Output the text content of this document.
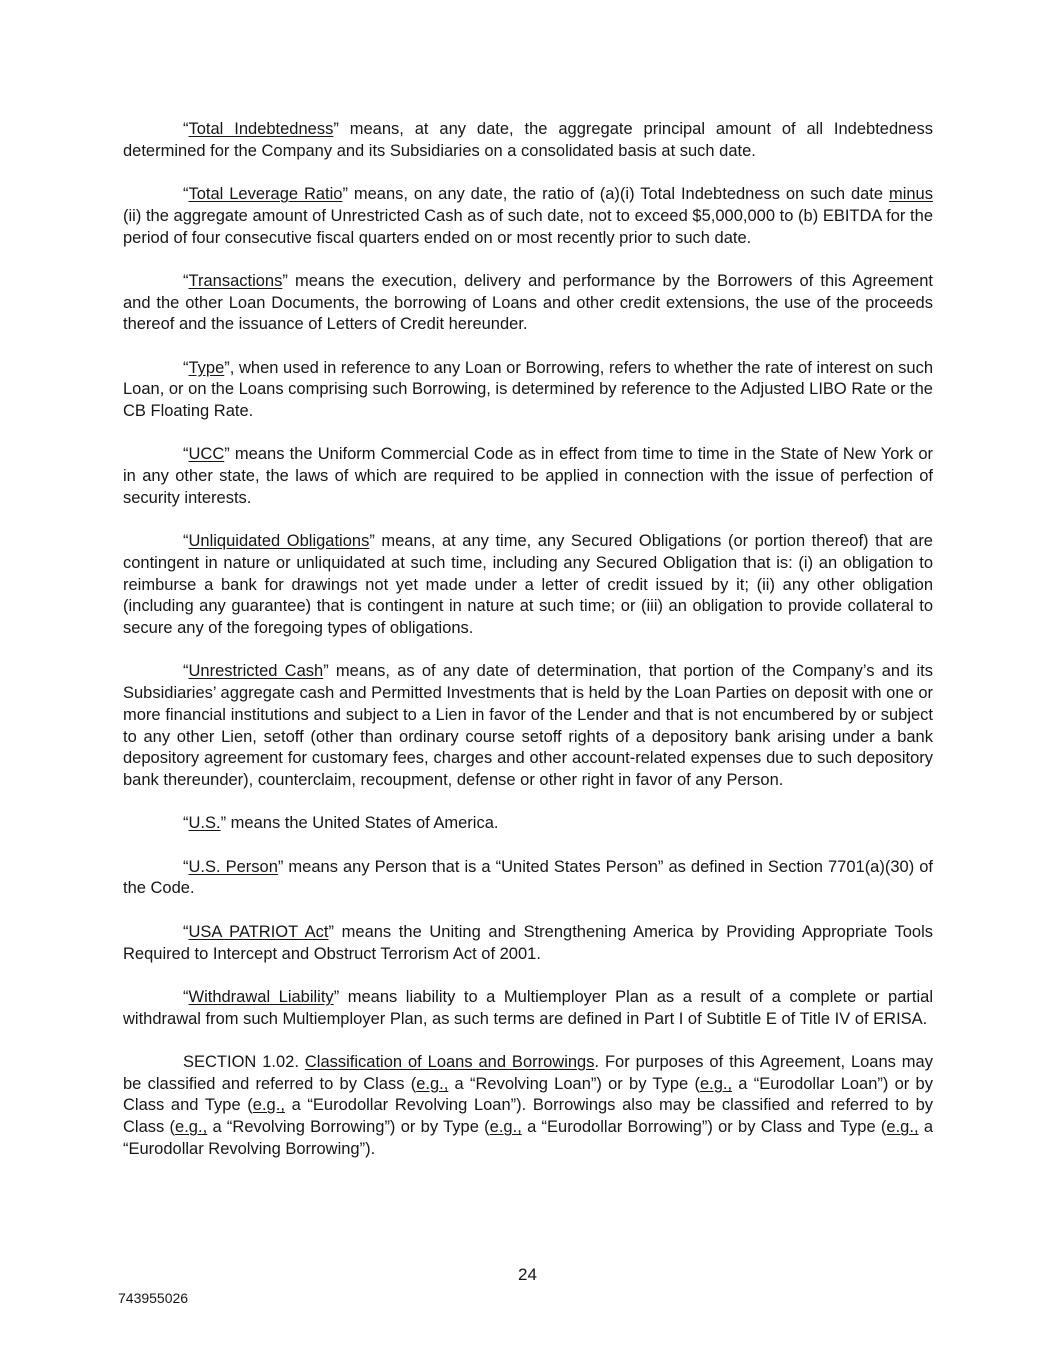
“Total Indebtedness” means, at any date, the aggregate principal amount of all Indebtedness determined for the Company and its Subsidiaries on a consolidated basis at such date.

“Total Leverage Ratio” means, on any date, the ratio of (a)(i) Total Indebtedness on such date minus (ii) the aggregate amount of Unrestricted Cash as of such date, not to exceed $5,000,000 to (b) EBITDA for the period of four consecutive fiscal quarters ended on or most recently prior to such date.

“Transactions” means the execution, delivery and performance by the Borrowers of this Agreement and the other Loan Documents, the borrowing of Loans and other credit extensions, the use of the proceeds thereof and the issuance of Letters of Credit hereunder.

“Type”, when used in reference to any Loan or Borrowing, refers to whether the rate of interest on such Loan, or on the Loans comprising such Borrowing, is determined by reference to the Adjusted LIBO Rate or the CB Floating Rate.

“UCC” means the Uniform Commercial Code as in effect from time to time in the State of New York or in any other state, the laws of which are required to be applied in connection with the issue of perfection of security interests.

“Unliquidated Obligations” means, at any time, any Secured Obligations (or portion thereof) that are contingent in nature or unliquidated at such time, including any Secured Obligation that is: (i) an obligation to reimburse a bank for drawings not yet made under a letter of credit issued by it; (ii) any other obligation (including any guarantee) that is contingent in nature at such time; or (iii) an obligation to provide collateral to secure any of the foregoing types of obligations.

“Unrestricted Cash” means, as of any date of determination, that portion of the Company’s and its Subsidiaries’ aggregate cash and Permitted Investments that is held by the Loan Parties on deposit with one or more financial institutions and subject to a Lien in favor of the Lender and that is not encumbered by or subject to any other Lien, setoff (other than ordinary course setoff rights of a depository bank arising under a bank depository agreement for customary fees, charges and other account-related expenses due to such depository bank thereunder), counterclaim, recoupment, defense or other right in favor of any Person.

“U.S.” means the United States of America.

“U.S. Person” means any Person that is a “United States Person” as defined in Section 7701(a)(30) of the Code.

“USA PATRIOT Act” means the Uniting and Strengthening America by Providing Appropriate Tools Required to Intercept and Obstruct Terrorism Act of 2001.

“Withdrawal Liability” means liability to a Multiemployer Plan as a result of a complete or partial withdrawal from such Multiemployer Plan, as such terms are defined in Part I of Subtitle E of Title IV of ERISA.

SECTION 1.02. Classification of Loans and Borrowings. For purposes of this Agreement, Loans may be classified and referred to by Class (e.g., a “Revolving Loan”) or by Type (e.g., a “Eurodollar Loan”) or by Class and Type (e.g., a “Eurodollar Revolving Loan”). Borrowings also may be classified and referred to by Class (e.g., a “Revolving Borrowing”) or by Type (e.g., a “Eurodollar Borrowing”) or by Class and Type (e.g., a “Eurodollar Revolving Borrowing”).

24
743955026
